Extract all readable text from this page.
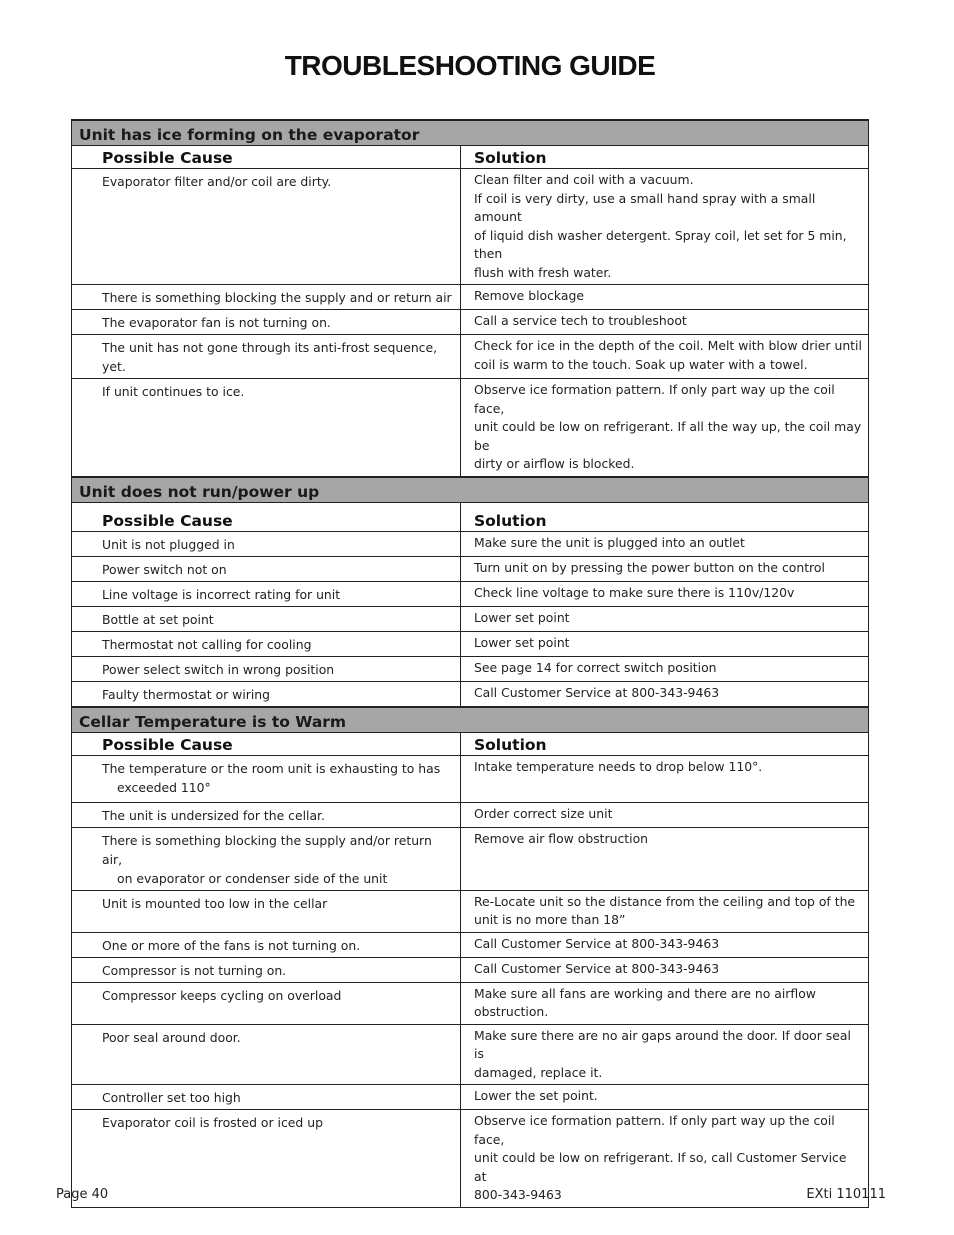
TROUBLESHOOTING GUIDE
Unit has ice forming on the evaporator	
Possible Cause	Solution

Evaporator filter and/or coil are dirty.	Clean filter and coil with a vacuum.
If coil is very dirty, use a small hand spray with a small amount
of liquid dish washer detergent. Spray coil, let set for 5 min, then
flush with fresh water.

There is something blocking the supply and or return air	Remove blockage

The evaporator fan is not turning on.	Call a service tech to troubleshoot

The unit has not gone through its anti-frost sequence, yet.	Check for ice in the depth of the coil. Melt with blow drier until
coil is warm to the touch. Soak up water with a towel.

If unit continues to ice.	Observe ice formation pattern. If only part way up the coil face,
unit could be low on refrigerant. If all the way up, the coil may be
dirty or airflow is blocked.

Unit does not run/power up	
Possible Cause	Solution

Unit is not plugged in	Make sure the unit is plugged into an outlet

Power switch not on	Turn unit on by pressing the power button on the control

Line voltage is incorrect rating for unit	Check line voltage to make sure there is 110v/120v

Bottle at set point	Lower set point

Thermostat not calling for cooling	Lower set point

Power select switch in wrong position	See page 14 for correct switch position

Faulty thermostat or wiring	Call Customer Service at 800-343-9463

Cellar Temperature is to Warm	
Possible Cause	Solution

The temperature or the room unit is exhausting to has
exceeded 110°	Intake temperature needs to drop below 110°.

The unit is undersized for the cellar.	Order correct size unit

There is something blocking the supply and/or return air,
on evaporator or condenser side of the unit	Remove air flow obstruction

Unit is mounted too low in the cellar	Re-Locate unit so the distance from the ceiling and top of the
unit is no more than 18”

One or more of the fans is not turning on.	Call Customer Service at 800-343-9463

Compressor is not turning on.	Call Customer Service at 800-343-9463

Compressor keeps cycling on overload	Make sure all fans are working and there are no airflow obstruction.

Poor seal around door.	Make sure there are no air gaps around the door. If door seal is
damaged, replace it.

Controller set too high	Lower the set point.

Evaporator coil is frosted or iced up	Observe ice formation pattern. If only part way up the coil face,
unit could be low on refrigerant. If so, call Customer Service at
800-343-9463
Page 40	EXti 110111
